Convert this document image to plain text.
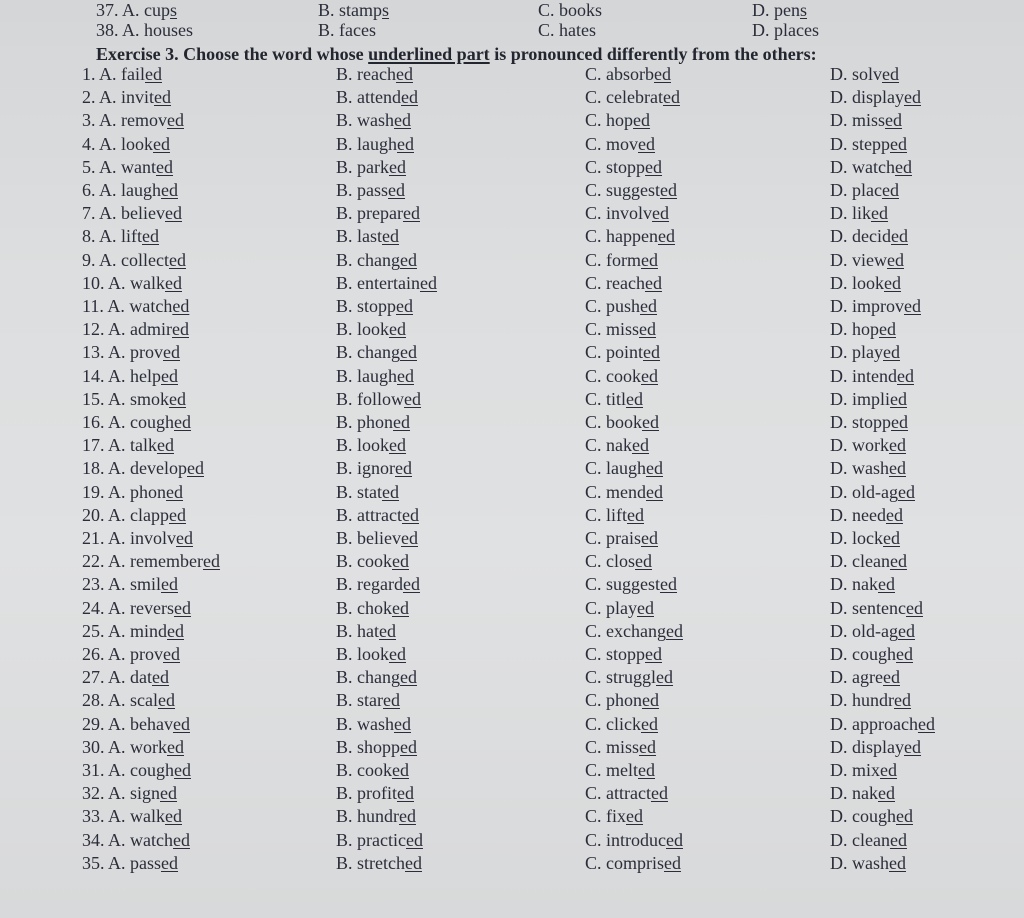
37. A. cups	B. stamps	C. books	D. pens
38. A. houses	B. faces	C. hates	D. places
Exercise 3. Choose the word whose underlined part is pronounced differently from the others:
1. A. failed	B. reached	C. absorbed	D. solved
2. A. invited	B. attended	C. celebrated	D. displayed
3. A. removed	B. washed	C. hoped	D. missed
4. A. looked	B. laughed	C. moved	D. stepped
5. A. wanted	B. parked	C. stopped	D. watched
6. A. laughed	B. passed	C. suggested	D. placed
7. A. believed	B. prepared	C. involved	D. liked
8. A. lifted	B. lasted	C. happened	D. decided
9. A. collected	B. changed	C. formed	D. viewed
10. A. walked	B. entertained	C. reached	D. looked
11. A. watched	B. stopped	C. pushed	D. improved
12. A. admired	B. looked	C. missed	D. hoped
13. A. proved	B. changed	C. pointed	D. played
14. A. helped	B. laughed	C. cooked	D. intended
15. A. smoked	B. followed	C. titled	D. implied
16. A. coughed	B. phoned	C. booked	D. stopped
17. A. talked	B. looked	C. naked	D. worked
18. A. developed	B. ignored	C. laughed	D. washed
19. A. phoned	B. stated	C. mended	D. old-aged
20. A. clapped	B. attracted	C. lifted	D. needed
21. A. involved	B. believed	C. praised	D. locked
22. A. remembered	B. cooked	C. closed	D. cleaned
23. A. smiled	B. regarded	C. suggested	D. naked
24. A. reversed	B. choked	C. played	D. sentenced
25. A. minded	B. hated	C. exchanged	D. old-aged
26. A. proved	B. looked	C. stopped	D. coughed
27. A. dated	B. changed	C. struggled	D. agreed
28. A. scaled	B. stared	C. phoned	D. hundred
29. A. behaved	B. washed	C. clicked	D. approached
30. A. worked	B. shopped	C. missed	D. displayed
31. A. coughed	B. cooked	C. melted	D. mixed
32. A. signed	B. profited	C. attracted	D. naked
33. A. walked	B. hundred	C. fixed	D. coughed
34. A. watched	B. practiced	C. introduced	D. cleaned
35. A. passed	B. stretched	C. comprised	D. washed
